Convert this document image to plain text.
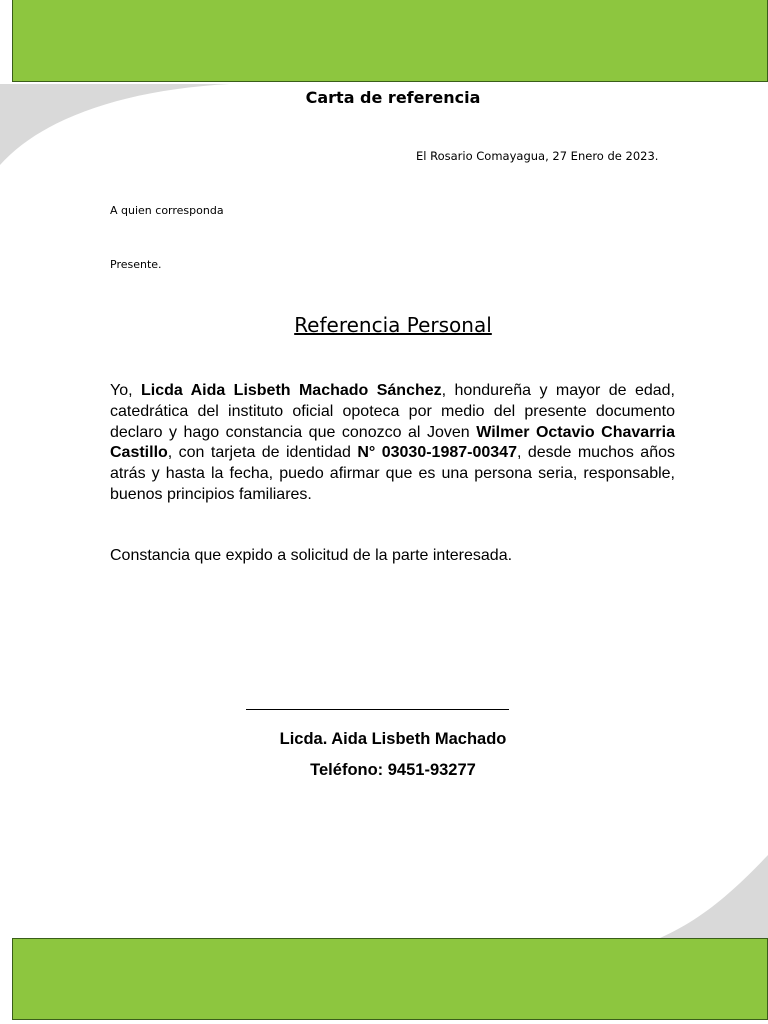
Carta de referencia
El Rosario Comayagua, 27 Enero de 2023.
A quien corresponda
Presente.
Referencia Personal
Yo, Licda Aida Lisbeth Machado Sánchez, hondureña y mayor de edad, catedrática del instituto oficial opoteca por medio del presente documento declaro y hago constancia que conozco al Joven Wilmer Octavio Chavarria Castillo, con tarjeta de identidad N° 03030-1987-00347, desde muchos años atrás y hasta la fecha, puedo afirmar que es una persona seria, responsable, buenos principios familiares.
Constancia que expido a solicitud de la parte interesada.
Licda. Aida Lisbeth Machado
Teléfono: 9451-93277
